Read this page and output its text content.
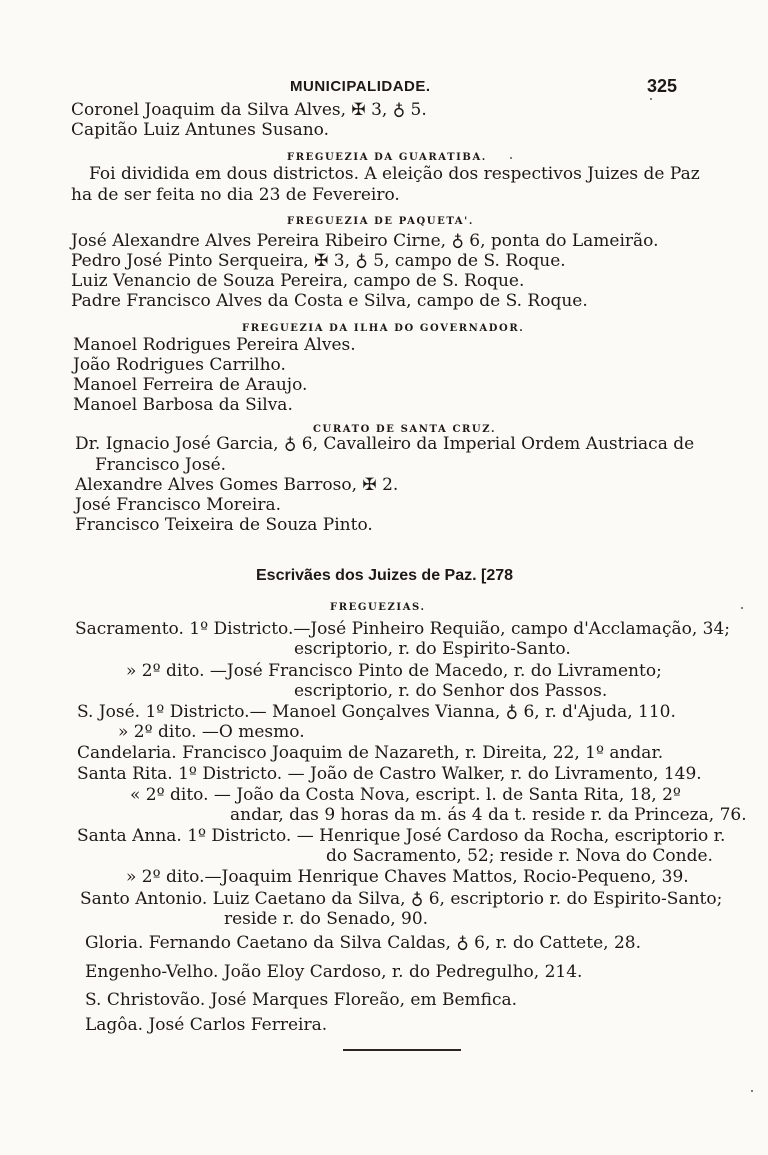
MUNICIPALIDADE.	325
Coronel Joaquim da Silva Alves, ✠ 3, ♁ 5.
Capitão Luiz Antunes Susano.
FREGUEZIA DA GUARATIBA.
Foi dividida em dous districtos. A eleição dos respectivos Juizes de Paz
ha de ser feita no dia 23 de Fevereiro.
FREGUEZIA DE PAQUETA'.
José Alexandre Alves Pereira Ribeiro Cirne, ♁ 6, ponta do Lameirão.
Pedro José Pinto Serqueira, ✠ 3, ♁ 5, campo de S. Roque.
Luiz Venancio de Souza Pereira, campo de S. Roque.
Padre Francisco Alves da Costa e Silva, campo de S. Roque.
FREGUEZIA DA ILHA DO GOVERNADOR.
Manoel Rodrigues Pereira Alves.
João Rodrigues Carrilho.
Manoel Ferreira de Araujo.
Manoel Barbosa da Silva.
CURATO DE SANTA CRUZ.
Dr. Ignacio José Garcia, ♁ 6, Cavalleiro da Imperial Ordem Austriaca de
Francisco José.
Alexandre Alves Gomes Barroso, ✠ 2.
José Francisco Moreira.
Francisco Teixeira de Souza Pinto.
Escrivães dos Juizes de Paz. [278
FREGUEZIAS.
Sacramento. 1º Districto.—José Pinheiro Requião, campo d'Acclamação, 34;
escriptorio, r. do Espirito-Santo.
» 2º dito. —José Francisco Pinto de Macedo, r. do Livramento;
escriptorio, r. do Senhor dos Passos.
S. José. 1º Districto.— Manoel Gonçalves Vianna, ♁ 6, r. d'Ajuda, 110.
» 2º dito. —O mesmo.
Candelaria. Francisco Joaquim de Nazareth, r. Direita, 22, 1º andar.
Santa Rita. 1º Districto. — João de Castro Walker, r. do Livramento, 149.
« 2º dito. — João da Costa Nova, escript. l. de Santa Rita, 18, 2º
andar, das 9 horas da m. ás 4 da t. reside r. da Princeza, 76.
Santa Anna. 1º Districto. — Henrique José Cardoso da Rocha, escriptorio r.
do Sacramento, 52; reside r. Nova do Conde.
» 2º dito.—Joaquim Henrique Chaves Mattos, Rocio-Pequeno, 39.
Santo Antonio. Luiz Caetano da Silva, ♁ 6, escriptorio r. do Espirito-Santo;
reside r. do Senado, 90.
Gloria. Fernando Caetano da Silva Caldas, ♁ 6, r. do Cattete, 28.
Engenho-Velho. João Eloy Cardoso, r. do Pedregulho, 214.
S. Christovão. José Marques Floreão, em Bemfica.
Lagôa. José Carlos Ferreira.
